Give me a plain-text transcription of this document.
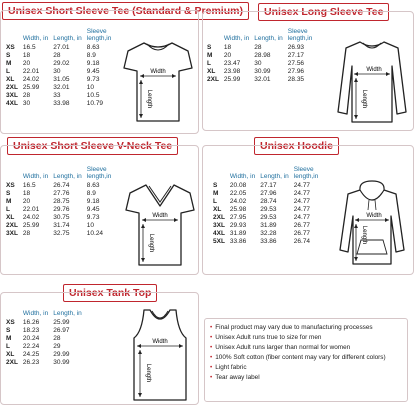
Unisex Short Sleeve Tee (Standard & Premium)	Unisex Long Sleeve Tee
Unisex Short Sleeve V-Neck Tee	Unisex Hoodie
Unisex Tank Top
	Width, in	Length, in	Sleeve length,in
XS	16.5	27.01	8.63
S	18	28	8.9
M	20	29.02	9.18
L	22.01	30	9.45
XL	24.02	31.05	9.73
2XL	25.99	32.01	10
3XL	28	33	10.5
4XL	30	33.98	10.79
	Width, in	Length, in	Sleeve length,in
S	18	28	26.93
M	20	28.98	27.17
L	23.47	30	27.56
XL	23.98	30.99	27.96
2XL	25.99	32.01	28.35
	Width, in	Length, in	Sleeve length,in
XS	16.5	26.74	8.63
S	18	27.76	8.9
M	20	28.75	9.18
L	22.01	29.76	9.45
XL	24.02	30.75	9.73
2XL	25.99	31.74	10
3XL	28	32.75	10.24
	Width, in	Length, in	Sleeve length,in
S	20.08	27.17	24.77
M	22.05	27.96	24.77
L	24.02	28.74	24.77
XL	25.98	29.53	24.77
2XL	27.95	29.53	24.77
3XL	29.93	31.89	26.77
4XL	31.89	32.28	26.77
5XL	33.86	33.86	26.74
	Width, in	Length, in
XS	16.26	25.99
S	18.23	26.97
M	20.24	28
L	22.24	29
XL	24.25	29.99
2XL	26.23	30.99
Width
Length
Width
Length
Width
Length
Width
Length
Width
Length
• Final product may vary due to manufacturing processes
• Unisex Adult runs true to size for men
• Unisex Adult runs larger than normal for women
• 100% Soft cotton (fiber content may vary for different colors)
• Light fabric
• Tear away label
